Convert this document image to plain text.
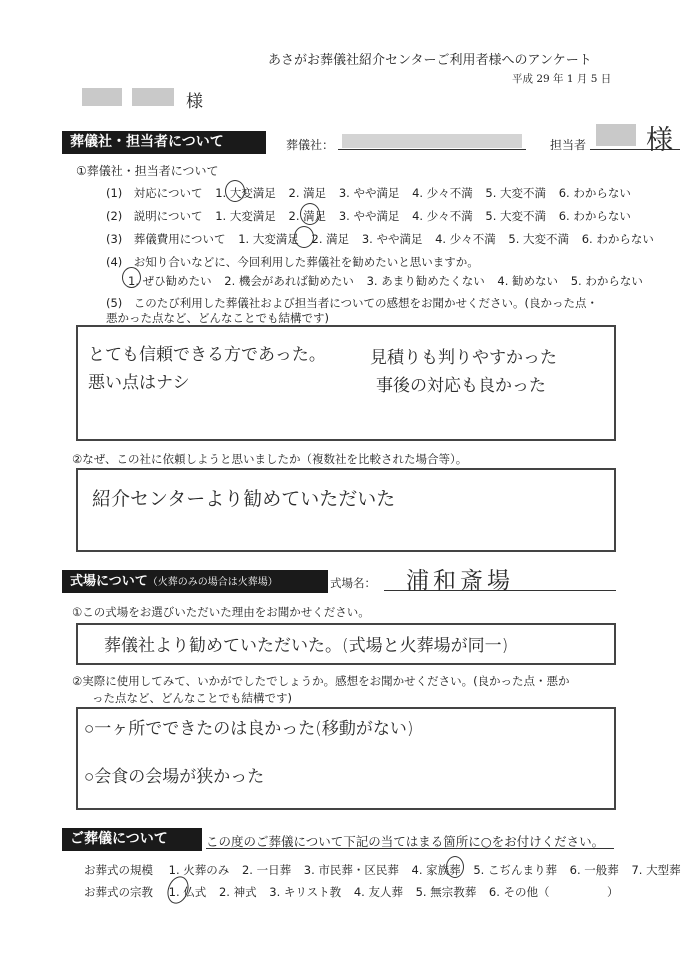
あさがお葬儀社紹介センターご利用者様へのアンケート
平成 29 年 1 月 5 日
様
葬儀社・担当者について	葬儀社：	担当者 様
①葬儀社・担当者について
(1)　対応について 1. 大変満足 2. 満足 3. やや満足 4. 少々不満 5. 大変不満 6. わからない
(2)　説明について 1. 大変満足 2. 満足 3. やや満足 4. 少々不満 5. 大変不満 6. わからない
(3)　葬儀費用について 1. 大変満足 2. 満足 3. やや満足 4. 少々不満 5. 大変不満 6. わからない
(4)　お知り合いなどに、今回利用した葬儀社を勧めたいと思いますか。
1. ぜひ勧めたい 2. 機会があれば勧めたい 3. あまり勧めたくない 4. 勧めない 5. わからない
(5)　このたび利用した葬儀社および担当者についての感想をお聞かせください。(良かった点・
悪かった点など、どんなことでも結構です)
とても信頼できる方であった。
悪い点はナシ
見積りも判りやすかった
事後の対応も良かった
②なぜ、この社に依頼しようと思いましたか（複数社を比較された場合等）。
紹介センターより勧めていただいた
式場について（火葬のみの場合は火葬場）	式場名： 浦和斎場
①この式場をお選びいただいた理由をお聞かせください。
葬儀社より勧めていただいた。(式場と火葬場が同一)
②実際に使用してみて、いかがでしたでしょうか。感想をお聞かせください。(良かった点・悪か
った点など、どんなことでも結構です)
○一ヶ所でできたのは良かった(移動がない)
○会食の会場が狭かった
ご葬儀について	この度のご葬儀について下記の当てはまる箇所に○をお付けください。
お葬式の規模 1. 火葬のみ 2. 一日葬 3. 市民葬・区民葬 4. 家族葬 5. こぢんまり葬 6. 一般葬 7. 大型葬
お葬式の宗教 1. 仏式 2. 神式 3. キリスト教 4. 友人葬 5. 無宗教葬 6. その他（　　　　　）
